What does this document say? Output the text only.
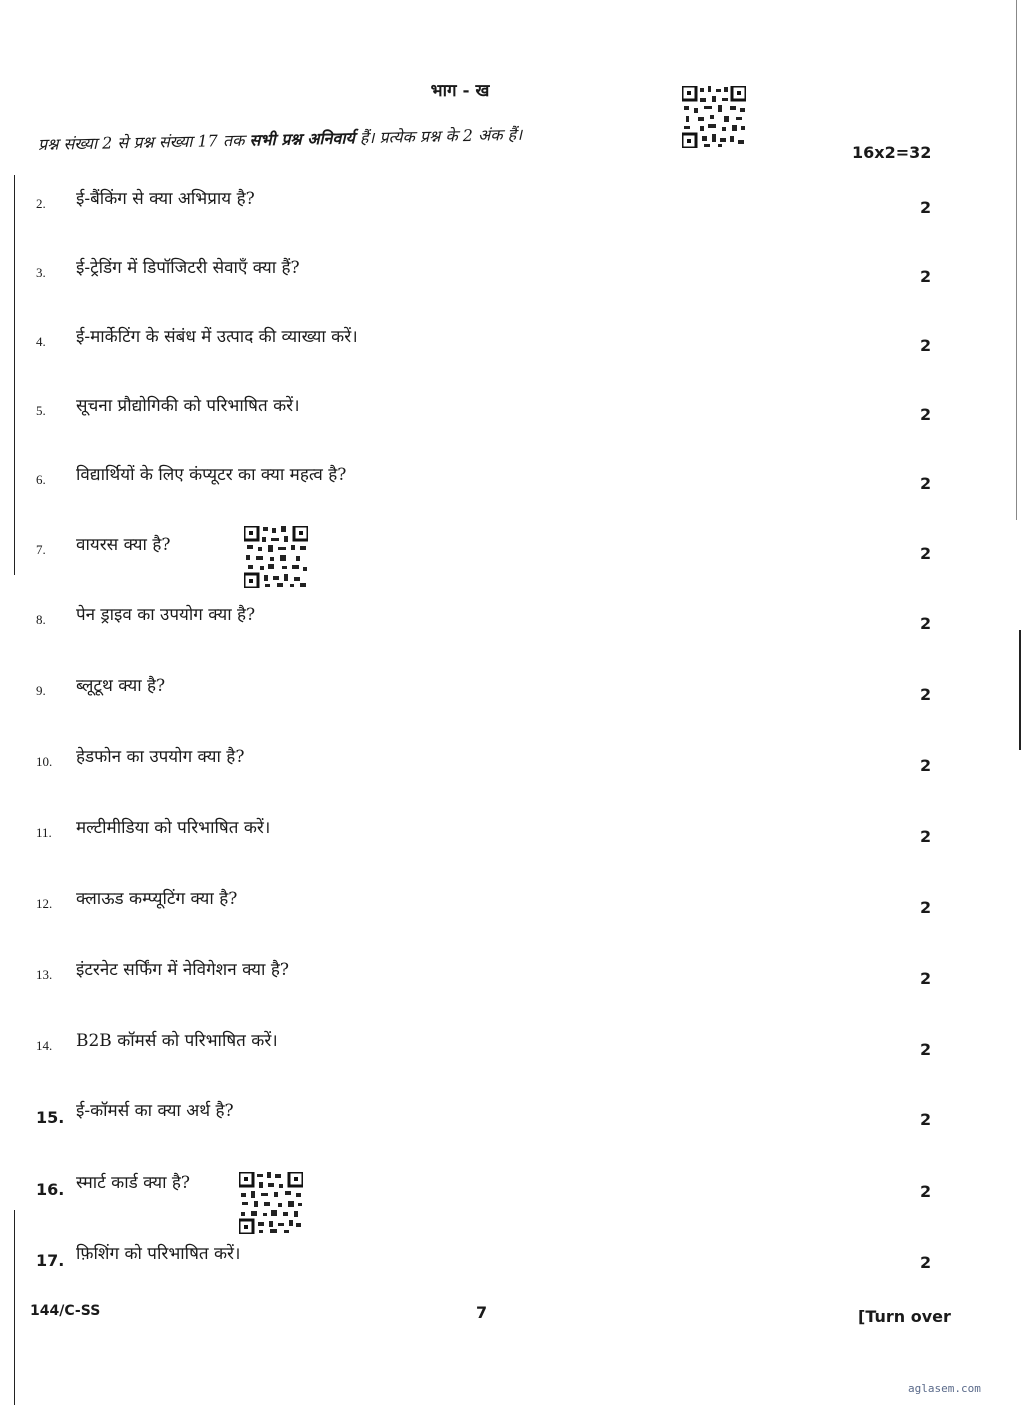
भाग - ख
प्रश्न संख्या 2 से प्रश्न संख्या 17 तक सभी प्रश्न अनिवार्य हैं। प्रत्येक प्रश्न के 2 अंक हैं।
16x2=32
2. ई-बैंकिंग से क्या अभिप्राय है?	2
3. ई-ट्रेडिंग में डिपॉजिटरी सेवाएँ क्या हैं?	2
4. ई-मार्केटिंग के संबंध में उत्पाद की व्याख्या करें।	2
5. सूचना प्रौद्योगिकी को परिभाषित करें।	2
6. विद्यार्थियों के लिए कंप्यूटर का क्या महत्व है?	2
7. वायरस क्या है?	2
8. पेन ड्राइव का उपयोग क्या है?	2
9. ब्लूटूथ क्या है?	2
10. हेडफोन का उपयोग क्या है?	2
11. मल्टीमीडिया को परिभाषित करें।	2
12. क्लाऊड कम्प्यूटिंग क्या है?	2
13. इंटरनेट सर्फिंग में नेविगेशन क्या है?	2
14. B2B कॉमर्स को परिभाषित करें।	2
15. ई-कॉमर्स का क्या अर्थ है?	2
16. स्मार्ट कार्ड क्या है?	2
17. फ़िशिंग को परिभाषित करें।	2
144/C-SS	7	[Turn over
aglasem.com
